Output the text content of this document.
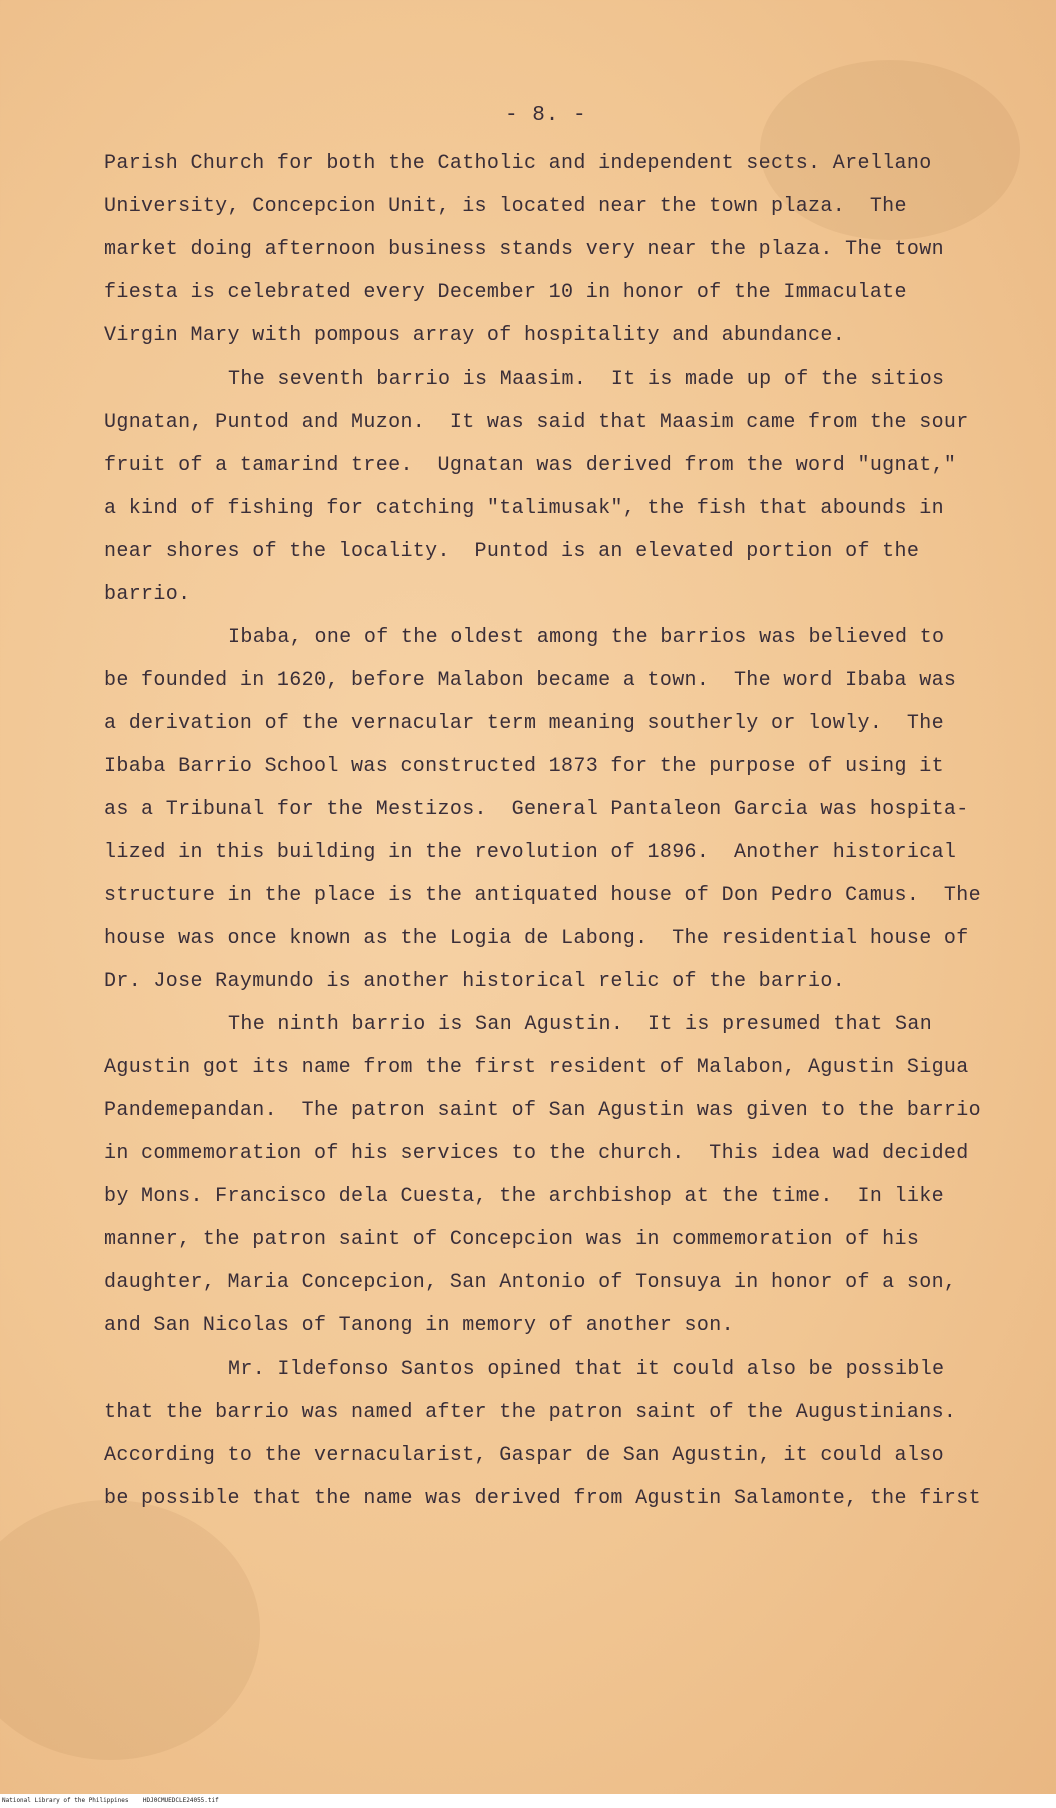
- 8. -
Parish Church for both the Catholic and independent sects. Arellano
University, Concepcion Unit, is located near the town plaza.  The
market doing afternoon business stands very near the plaza. The town
fiesta is celebrated every December 10 in honor of the Immaculate
Virgin Mary with pompous array of hospitality and abundance.
The seventh barrio is Maasim.  It is made up of the sitios
Ugnatan, Puntod and Muzon.  It was said that Maasim came from the sour
fruit of a tamarind tree.  Ugnatan was derived from the word "ugnat,"
a kind of fishing for catching "talimusak", the fish that abounds in
near shores of the locality.  Puntod is an elevated portion of the
barrio.
Ibaba, one of the oldest among the barrios was believed to
be founded in 1620, before Malabon became a town.  The word Ibaba was
a derivation of the vernacular term meaning southerly or lowly.  The
Ibaba Barrio School was constructed 1873 for the purpose of using it
as a Tribunal for the Mestizos.  General Pantaleon Garcia was hospita-
lized in this building in the revolution of 1896.  Another historical
structure in the place is the antiquated house of Don Pedro Camus.  The
house was once known as the Logia de Labong.  The residential house of
Dr. Jose Raymundo is another historical relic of the barrio.
The ninth barrio is San Agustin.  It is presumed that San
Agustin got its name from the first resident of Malabon, Agustin Sigua
Pandemepandan.  The patron saint of San Agustin was given to the barrio
in commemoration of his services to the church.  This idea wad decided
by Mons. Francisco dela Cuesta, the archbishop at the time.  In like
manner, the patron saint of Concepcion was in commemoration of his
daughter, Maria Concepcion, San Antonio of Tonsuya in honor of a son,
and San Nicolas of Tanong in memory of another son.
Mr. Ildefonso Santos opined that it could also be possible
that the barrio was named after the patron saint of the Augustinians.
According to the vernacularist, Gaspar de San Agustin, it could also
be possible that the name was derived from Agustin Salamonte, the first
National Library of the Philippines    HDJ0CMUEDCLE24055.tif
